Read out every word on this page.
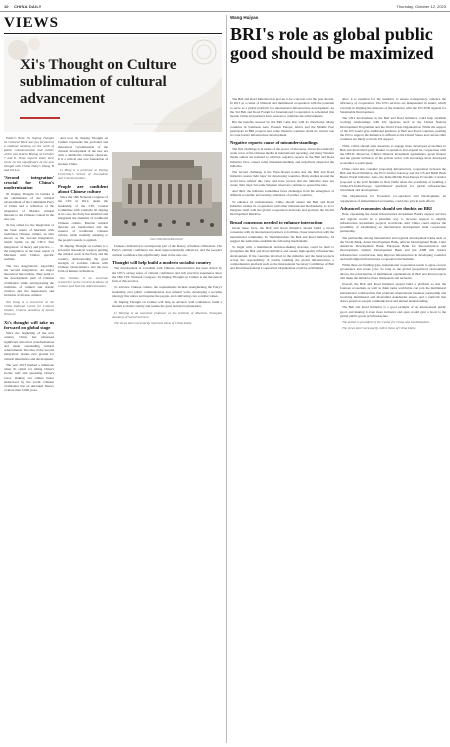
10 CHINA DAILY	Thursday, October 12, 2023
VIEWS
Xi's Thought on Culture sublimation of cultural advancement

Editor's Note: Xi Jinping Thought on Cultural Work was put forward at a national meeting on the work of public communication and culture which was held in Beijing on October 7 and 8. Three experts share their views on the significance of the new thought with China Daily's Zhang Yi and Xin Lei.

'Second integration' crucial for China's modernization

Xi Jinping Thought on Culture is the sublimation of the cultural advancement of the Communist Party of China and a reflection of the adaptation of Marxist cultural theories to the Chinese context in the new era.

Xi has called for the integration of the basic tenets of Marxism with traditional Chinese culture, an idea known as the 'second integration', which builds on the CPC's 'first integration' of theory and practice — the integration of the basic tenets of Marxism with China's specific realities.

The 'two integrations', especially the 'second integration', are major theoretical innovations. They point to the development path of Chinese civilization while reinvigorating the traditions of cultural and artistic creation and the suppression and inclusion of diverse cultures.

Wei Jiang is a researcher at the China National Center for Cultural Studies, Chinese Academy of Social Sciences.

Xi's thought will take us forward on global stage

Since the beginning of the new century, China has witnessed significant historical transformations and made outstanding cultural achievements. The idea of the 'second integration' breaks new ground for cultural inheritance and development.

The year 2013 marked a milestone when Xi called for telling China's stories well and spreading China's voice, making our culture better understood by the world. Chinese civilization has an unbroken history of more than 5,000 years.

And now Xi Jinping Thought on Culture represents the profound and theoretical crystallization of the cultural development of the new era with a distinctive Chinese character. It is a critical and core foundation of modern China.

Li Ming is a professor at Peking University's School of Journalism and Communication.

People are confident about Chinese culture

Since the 18th National Congress of the CPC in 2012, under the leadership of the CPC Central Committee with Comrade Xi Jinping at its core, the Party has inherited and integrated the elements of traditional Chinese culture. Marxist cultural theories are transformed and the essence of traditional Chinese culture, while carefully adapting to the people's needs, is applied.

Xi Jinping Thought on Culture is a powerful theoretical weapon guiding the cultural work of the Party and the country, demonstrating the great strength of socialist culture with Chinese characteristics and the new form of human civilization.

Sun Jiashan is an associate researcher at the Central Academy of Culture and Tourism Administration.

ZHU XINGXIN/CHINA DAILY

Chinese civilization is an important part of the history of human civilization. The Party's cultural confidence has been unprecedentedly enhanced, and the people's cultural confidence has significantly risen in the new era.

Thought will help build a modern socialist country

The development of socialism with Chinese characteristics has been driven by the CPC's strong sense of cultural confidence and rich practical experience since the 18th CPC National Congress. Xi Jinping Thought on Culture is the theoretical fruit of this practice.

To advance Chinese culture, the requirements include strengthening the Party's leadership over public communication and cultural work, developing a socialist ideology that unites and inspires the people, and cultivating core socialist values.

Xi Jinping Thought on Culture will help us advance with confidence, build a modern socialist country and realize the great national rejuvenation.

Li Wenjing is an associate professor at the Institute of Marxism, Shanghai Academy of Social Sciences.

The views don't necessarily represent those of China Daily.

Wang Huiyao
BRI's role as global public good should be maximized

The Belt and Road Initiative has proven to be a success over the past decade. In 2013 as a center of bilateral and multilateral cooperation with the potential to serve as a global platform for international infrastructure development. As the 3rd Belt and Road Forum for International Cooperation is scheduled this month, China and partners have reasons to celebrate the achievements.

But the benefits secured by the BRI come also with its drawbacks. Many countries in Southeast Asia, Eastern Europe, Africa and the Middle East participate in BRI projects and some Western countries doubt its crucial role in cross-border infrastructure development.

Negative reports cause of misunderstandings

The first challenge is in terms of the power of discourse. Given the relatively weak voice of the Chinese media in international reporting, and many Western media outlets are inclined to criticize, negative reports on the Belt and Road Initiative have caused some misunderstandings and negatively impacted the initiative.

The second challenge is the West-floated notion that the Belt and Road Initiative creates 'debt traps' for developing countries. Many studies around the world have refuted this view and have proven that the initiative does not create 'debt traps' but some Western observers continue to spread the idea.

And third, the initiative sometimes faces challenges from the emergence of different economic and security situations of partner countries.

To enhance its inclusiveness, China should ensure the Belt and Road Initiative widens its cooperation with other international mechanisms, so as to integrate itself with the global cooperation networks and promote the Global Development Initiative.

Broad consensus needed to enhance interaction

Given these facts, the Belt and Road Initiative should build a broad consensus with its international partners to facilitate closer interaction with the international community. To 'multilateralize' the Belt and Road Initiative, I'd suggest the authorities establish the following mechanisms.

To begin with, a multilateral decision-making structure could be built to strengthen the Belt and Road Initiative and ensure high-quality infrastructure development. If the countries involved in the initiative and the bank projects accept the responsibility of jointly building the global infrastructure, a comprehensive platform such as the International Secretary Committee of Belt and Road International Cooperation Organization could be established.

Also, it is essential for the initiative to ensure transparency, enhance the efficiency of cooperation. The UN's services are independent in nature, which can help in aligning the interests of the initiative with the UN 2030 Agenda for Sustainable Development.

The UN's involvement in the Belt and Road Initiative could help establish working relationships with UN agencies such as the United Nations Development Programme and the World Trade Organization. While the support of the UN would give additional guidance to Belt and Road countries, pushing the UN to support the initiative is difficult as the United States and certain other countries are likely to block UN support.

Third, China should take measures to engage more developed economies in Belt and Road third-party market cooperation and expand its cooperation with the OECD. Moreover, China's bilateral investment agreements, green finance and the greater inclusion of the private sector will encourage more developed economies to participate.

China could also consider proposing infrastructure cooperation between the Belt and Road Initiative, the EU's Global Gateway and the US-led Build Back Better World initiative. Also, the India-Middle East-Europe Economic Corridor proposed at the G20 Summit in New Delhi raises the possibility of building a China-US-India-Europe 'quadrilateral' platform for global infrastructure investment and development.

The Organization for Economic Co-operation and Development, an organization of industrialized economies, could also join in such efforts.

Advanced economies should see doubts on BRI

Next, expanding the Asian Infrastructure Investment Bank's support services and regions would be a plausible way to increase support to eligible infrastructure investment projects worldwide. And China could explore the possibility of establishing an international development bank cooperation partnership.

The partnership among international and regional development banks such as the World Bank, Asian Development Bank, African Development Bank, Latin American Development Bank, European Bank for Reconstruction and Development, Islamic Development Bank and the AIIB will bolster infrastructure construction, help improve infrastructure in developing countries and build digital infrastructure cooperation mechanisms.

While there are funding gaps, international cooperation needs to agree on new governance and create jobs. So long as the global geopolitical environment allows, the participation of multilateral organizations in Belt and Road projects will make the initiative more transparent and inclusive.

Overall, the Belt and Road Initiative should build a platform so that the fourteen economies as well as think tanks worldwide can join the multilateral international collaboration that promotes international business partnership and resolving multilateral and diversified stakeholder issues, and a platform that draws people-to-people communication and mutual understanding.

The Belt and Road Initiative is a good example of an international public good, and making it even more inclusive and open would give a boost to the global public goods in infrastructure.

The author is president of the Center for China and Globalization.

The views don't necessarily reflect those of China Daily.
